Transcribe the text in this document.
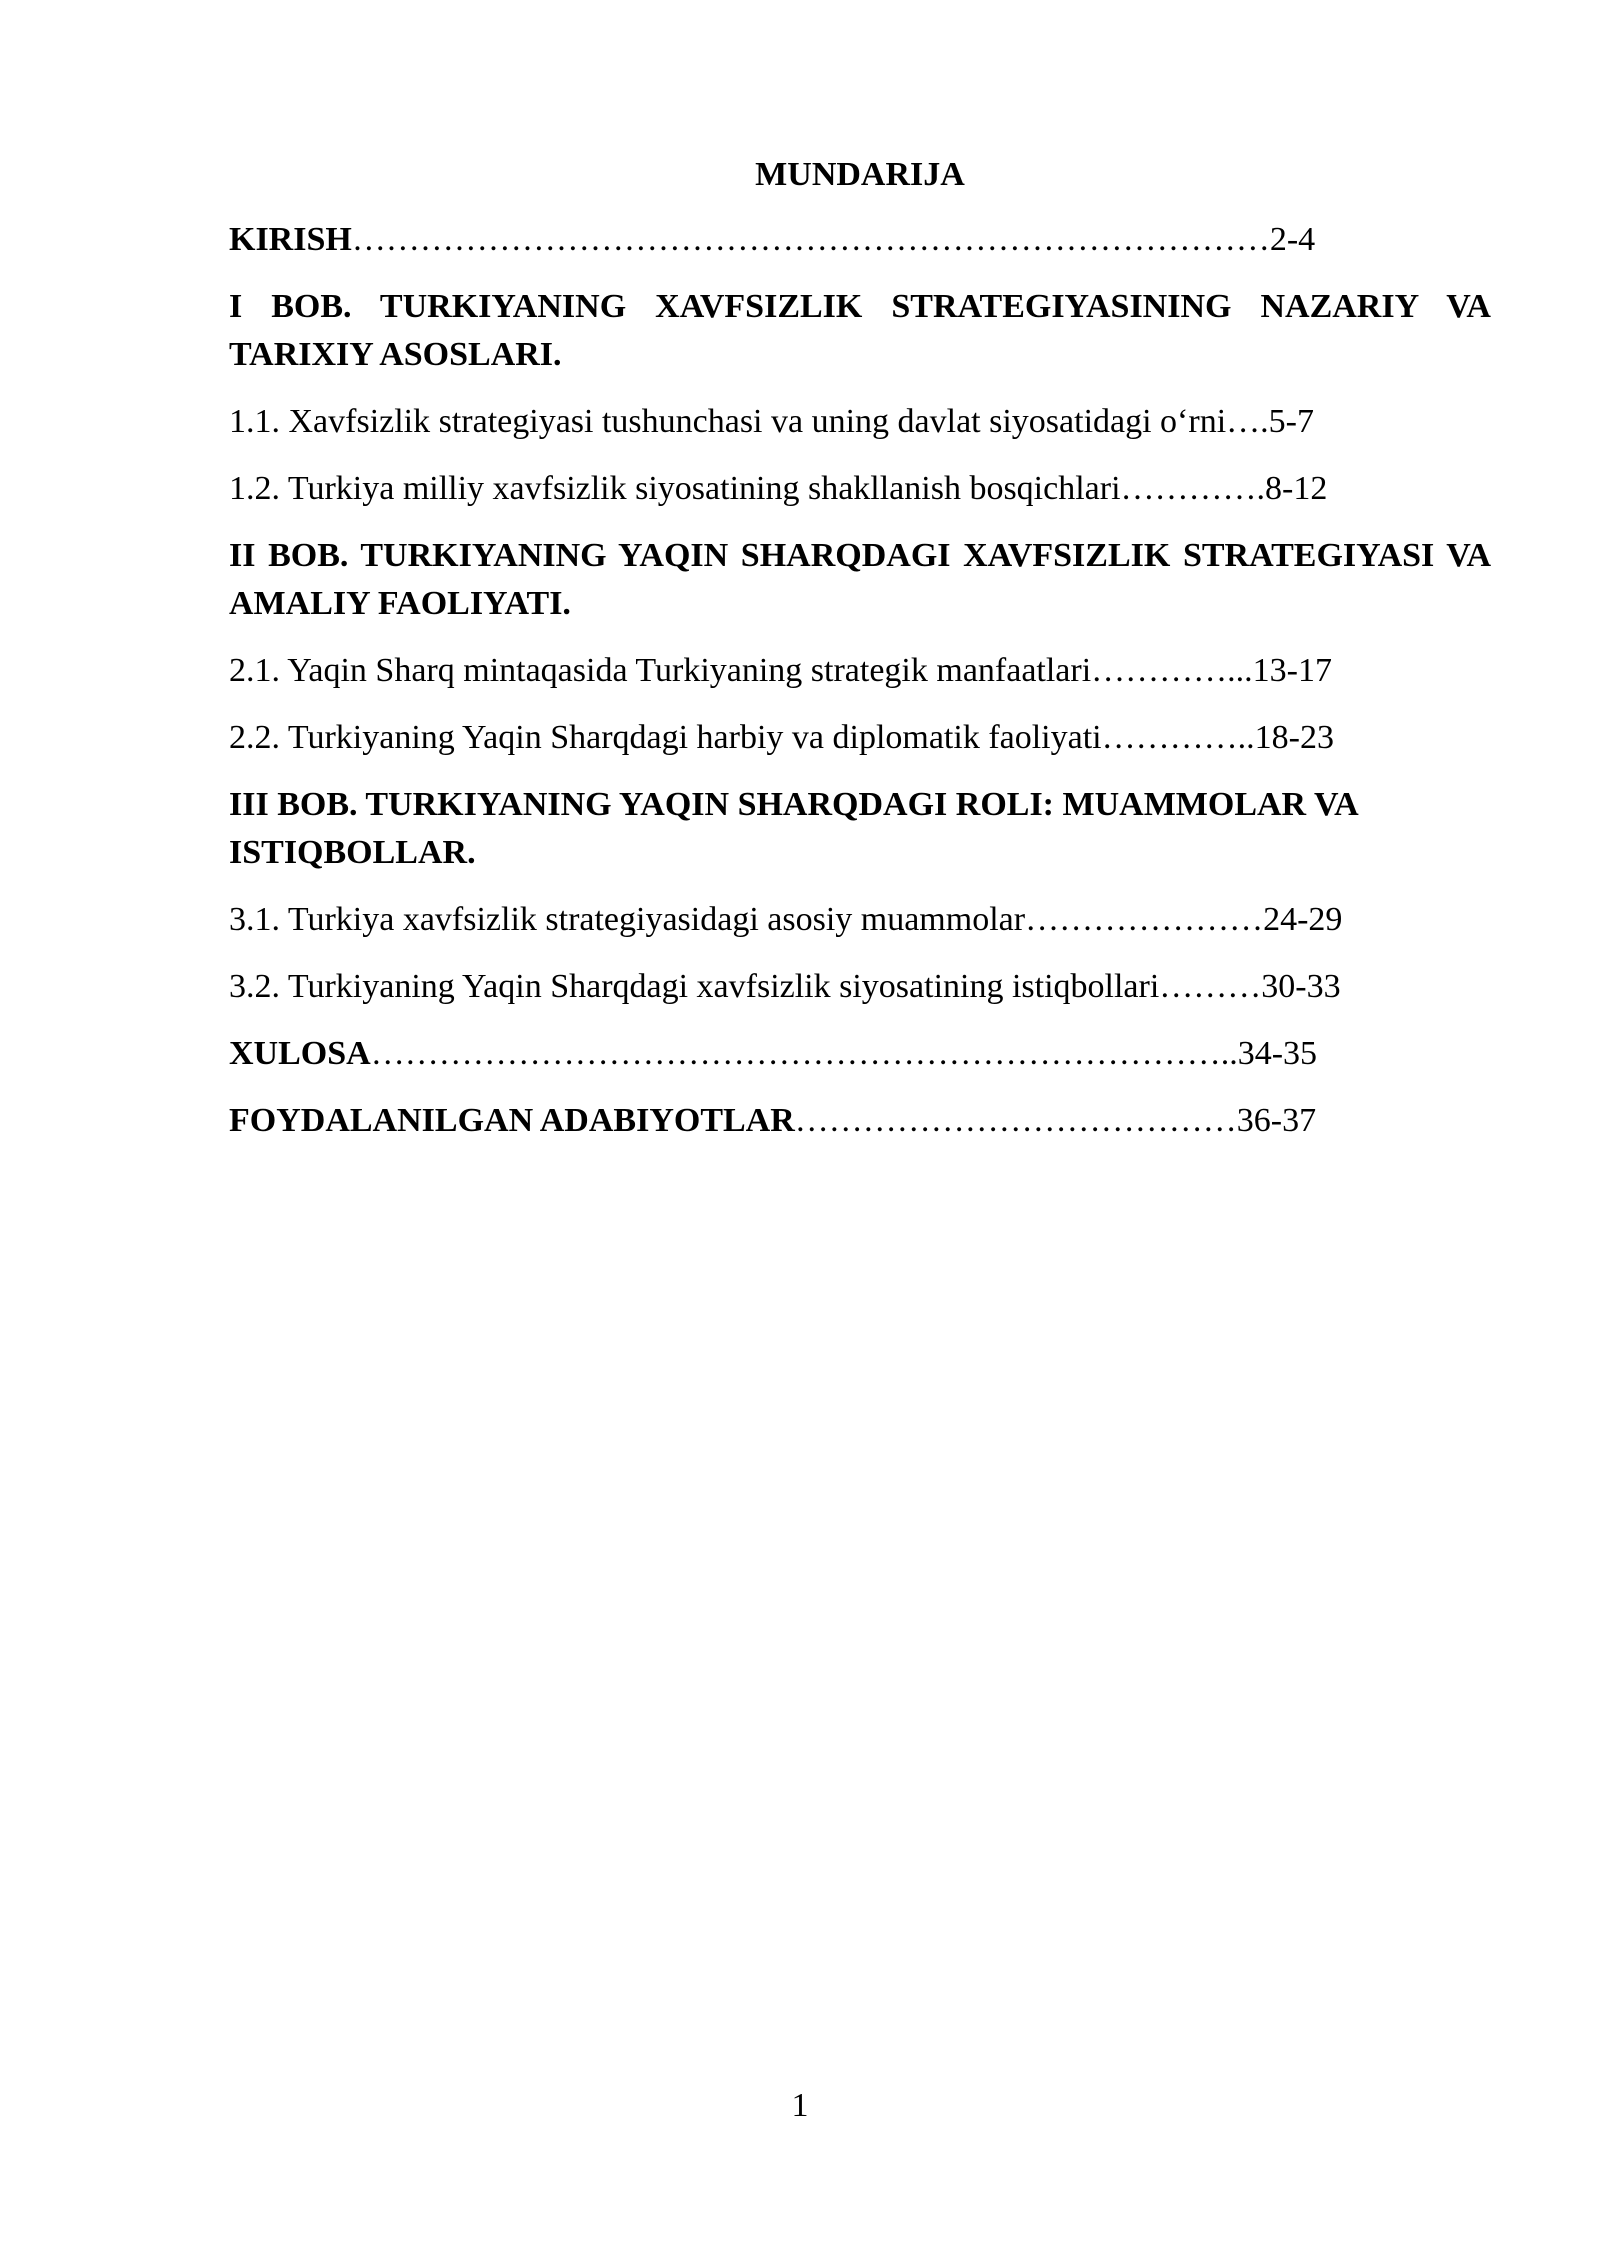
MUNDARIJA
KIRISH………………………………………………………………………2-4
I BOB. TURKIYANING XAVFSIZLIK STRATEGIYASINING NAZARIY VA TARIXIY ASOSLARI.
1.1. Xavfsizlik strategiyasi tushunchasi va uning davlat siyosatidagi o‘rni….5-7
1.2. Turkiya milliy xavfsizlik siyosatining shakllanish bosqichlari………….8-12
II BOB. TURKIYANING YAQIN SHARQDAGI XAVFSIZLIK STRATEGIYASI VA AMALIY FAOLIYATI.
2.1. Yaqin Sharq mintaqasida Turkiyaning strategik manfaatlari…………...13-17
2.2. Turkiyaning Yaqin Sharqdagi harbiy va diplomatik faoliyati…………..18-23
III BOB. TURKIYANING YAQIN SHARQDAGI ROLI: MUAMMOLAR VA ISTIQBOLLAR.
3.1. Turkiya xavfsizlik strategiyasidagi asosiy muammolar…………………24-29
3.2. Turkiyaning Yaqin Sharqdagi xavfsizlik siyosatining istiqbollari………30-33
XULOSA…………………………………………………………………..34-35
FOYDALANILGAN ADABIYOTLAR…………………………………36-37
1
